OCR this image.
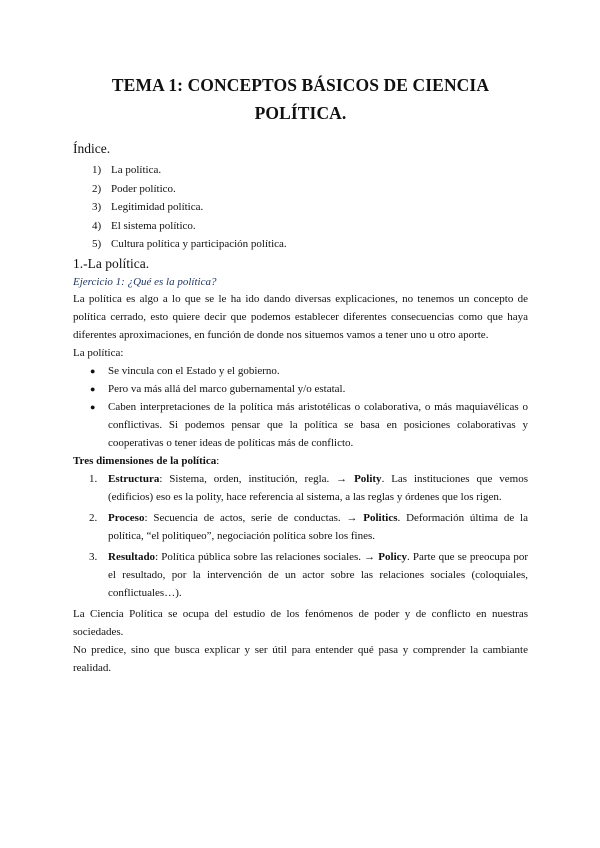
TEMA 1: CONCEPTOS BÁSICOS DE CIENCIA
POLÍTICA.
Índice.
1) La política.
2) Poder político.
3) Legitimidad política.
4) El sistema político.
5) Cultura política y participación política.
1.-La política.
Ejercicio 1: ¿Qué es la política?

La política es algo a lo que se le ha ido dando diversas explicaciones, no tenemos un concepto de política cerrado, esto quiere decir que podemos establecer diferentes consecuencias como que haya diferentes aproximaciones, en función de donde nos situemos vamos a tener uno u otro aporte.

La política:

●	Se vincula con el Estado y el gobierno.
●	Pero va más allá del marco gubernamental y/o estatal.
●	Caben interpretaciones de la política más aristotélicas o colaborativa, o más maquiavélicas o conflictivas. Si podemos pensar que la política se basa en posiciones colaborativas y cooperativas o tener ideas de políticas más de conflicto.

Tres dimensiones de la política:

1. Estructura: Sistema, orden, institución, regla. → Polity. Las instituciones que vemos (edificios) eso es la polity, hace referencia al sistema, a las reglas y órdenes que los rigen.
2. Proceso: Secuencia de actos, serie de conductas. → Politics. Deformación última de la política, “el politiqueo”, negociación política sobre los fines.
3. Resultado: Política pública sobre las relaciones sociales. → Policy. Parte que se preocupa por el resultado, por la intervención de un actor sobre las relaciones sociales (coloquiales, conflictuales…).

La Ciencia Política se ocupa del estudio de los fenómenos de poder y de conflicto en nuestras sociedades.

No predice, sino que busca explicar y ser útil para entender qué pasa y comprender la cambiante realidad.
